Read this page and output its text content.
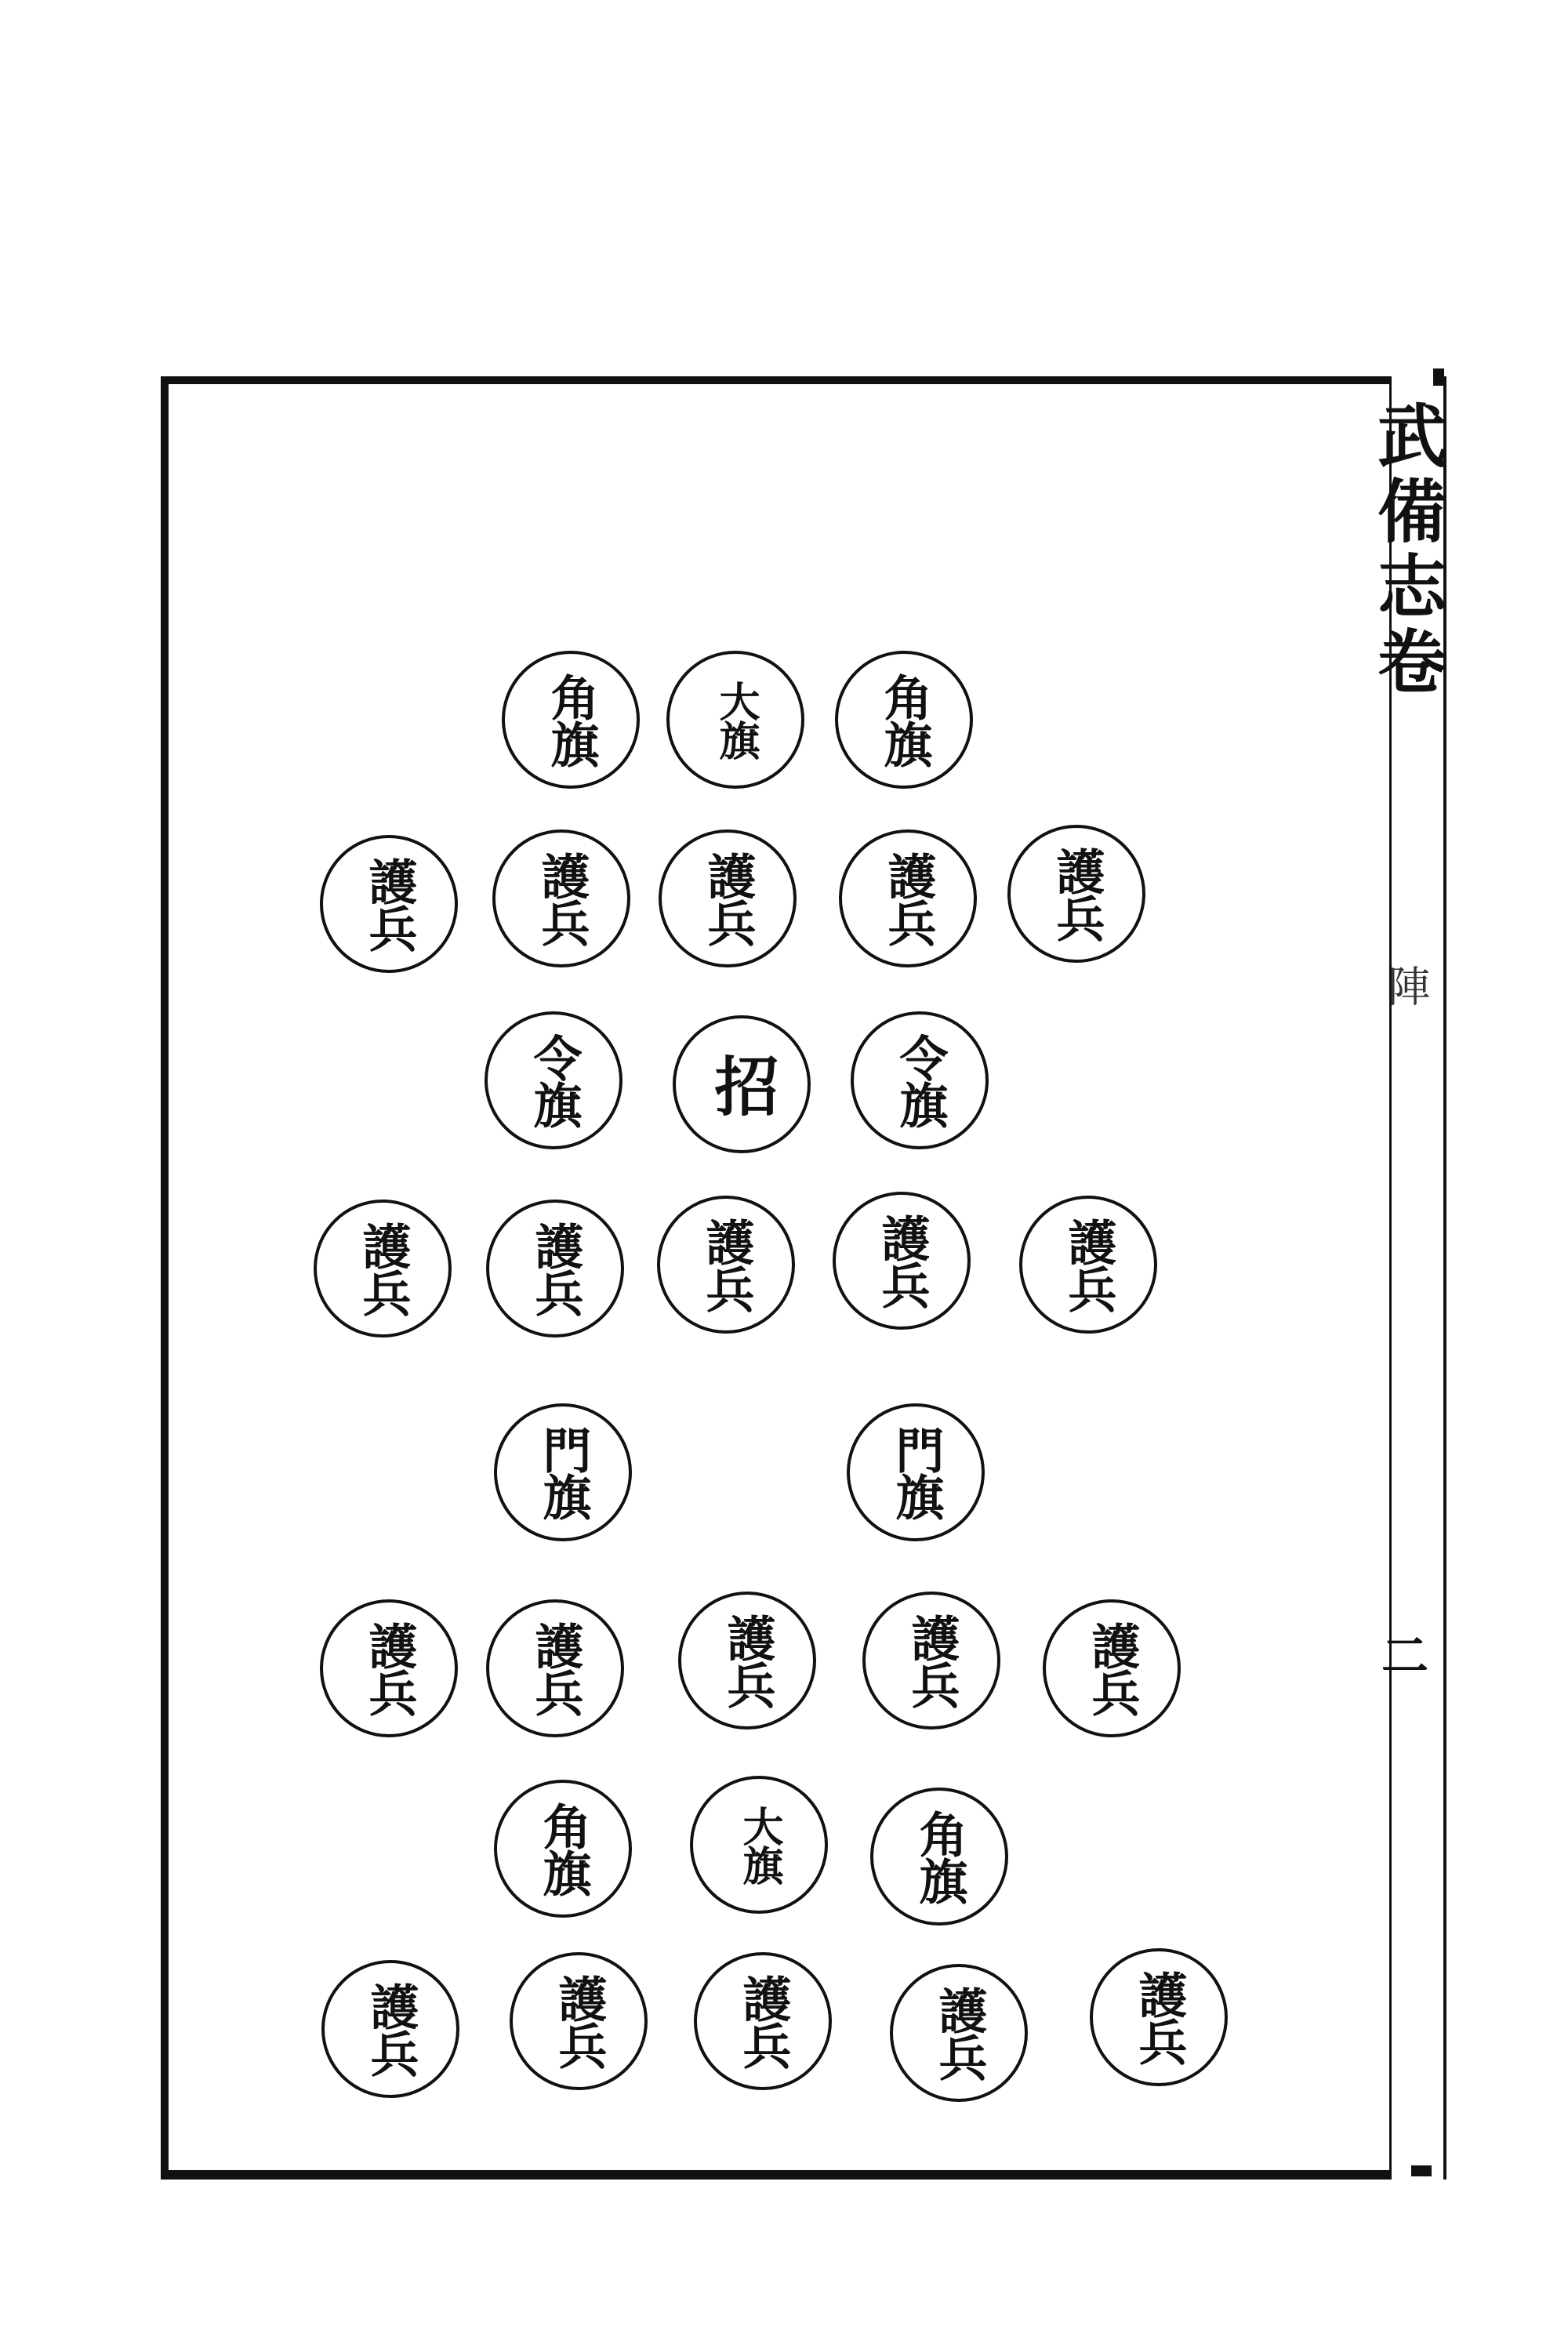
武備志卷
陣
二
角旗	大旗 角旗
護兵 護兵 護兵	護兵 護兵
令旗 招 令旗
護兵 護兵 護兵 護兵	護兵
門旗	門旗
護兵 護兵	護兵	護兵	護兵
角旗	大旗	角旗
護兵	護兵	護兵	護兵	護兵
